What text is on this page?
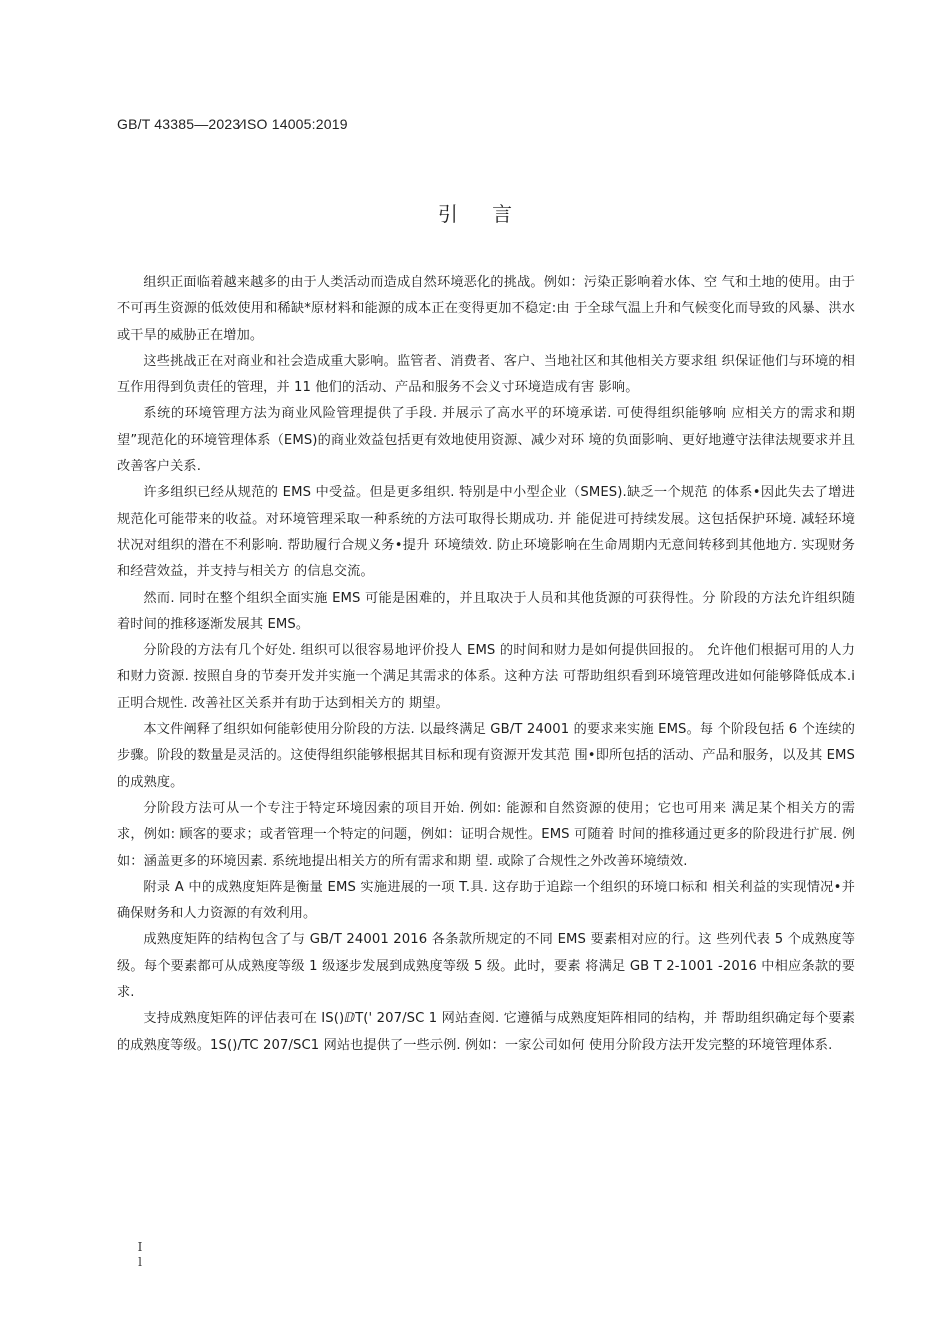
GB/T 43385—2023⁄ISO 14005:2019
引 言

组织正面临着越来越多的由于人类活动而造成自然环境恶化的挑战。例如：污染正影响着水体、空 气和土地的使用。由于不可再生资源的低效使用和稀缺*原材料和能源的成本正在变得更加不稳定:由 于全球气温上升和气候变化而导致的风暴、洪水或干旱的威胁正在增加。

这些挑战正在对商业和社会造成重大影响。监管者、消费者、客户、当地社区和其他相关方要求组 织保证他们与环境的相互作用得到负责任的管理，并 11 他们的活动、产品和服务不会义寸环境造成有害 影响。

系统的环境管理方法为商业风险管理提供了手段. 并展示了高水平的环境承诺. 可使得组织能够响 应相关方的需求和期望”现范化的环境管理体系（EMS)的商业效益包括更有效地使用资源、减少对环 境的负面影响、更好地遵守法律法规要求并且改善客户关系.

许多组织已经从规范的 EMS 中受益。但是更多组织. 特别是中小型企业（SMES).缺乏一个规范 的体系•因此失去了增进规范化可能带来的收益。对环境管理采取一种系统的方法可取得长期成功. 并 能促进可持续发展。这包括保护环境. 减轻环境状况对组织的潜在不利影响. 帮助履行合规义务•提升 环境绩效. 防止环境影响在生命周期内无意间转移到其他地方. 实现财务和经营效益，并支持与相关方 的信息交流。

然而. 同时在整个组织全面实施 EMS 可能是困难的，并且取决于人员和其他货源的可获得性。分 阶段的方法允许组织随着时间的推移逐渐发展其 EMS。

分阶段的方法有几个好处. 组织可以很容易地评价投人 EMS 的时间和财力是如何提供回报的。 允许他们根据可用的人力和财力资源. 按照自身的节奏开发并实施一个满足其需求的体系。这种方法 可帮助组织看到环境管理改进如何能够降低成本.i 正明合规性. 改善社区关系并有助于达到相关方的 期望。

本文件阐释了组织如何能彰使用分阶段的方法. 以最终满足 GB/T 24001 的要求来实施 EMS。每 个阶段包括 6 个连续的步骤。阶段的数量是灵活的。这使得组织能够根据其目标和现有资源开发其范 围•即所包括的活动、产品和服务，以及其 EMS 的成熟度。

分阶段方法可从一个专注于特定环境因索的项目开始. 例如: 能源和自然资源的使用；它也可用来 满足某个相关方的需求，例如: 顾客的要求；或者管理一个特定的问题，例如：证明合规性。EMS 可随着 时间的推移通过更多的阶段进行扩展. 例如：涵盖更多的环境因素. 系统地提出相关方的所有需求和期 望. 或除了合规性之外改善环境绩效.

附录 A 中的成熟度矩阵是衡量 EMS 实施进展的一项 T.具. 这存助于追踪一个组织的环境口标和 相关利益的实现情况•并确保财务和人力资源的有效利用。

成熟度矩阵的结构包含了与 GB/T 24001 2016 各条款所规定的不同 EMS 要素相对应的行。这 些列代表 5 个成熟度等级。每个要素都可从成熟度等级 1 级逐步发展到成熟度等级 5 级。此时，要素 将满足 GB T 2-1001 -2016 中相应条款的要求.

支持成熟度矩阵的评估表可在 IS()ⅅT(' 207/SC 1 网站查阅. 它遵循与成熟度矩阵相同的结构，并 帮助组织确定每个要素的成熟度等级。1S()/TC 207/SC1 网站也提供了一些示例. 例如：一家公司如何 使用分阶段方法开发完整的环境管理体系.

I
l
